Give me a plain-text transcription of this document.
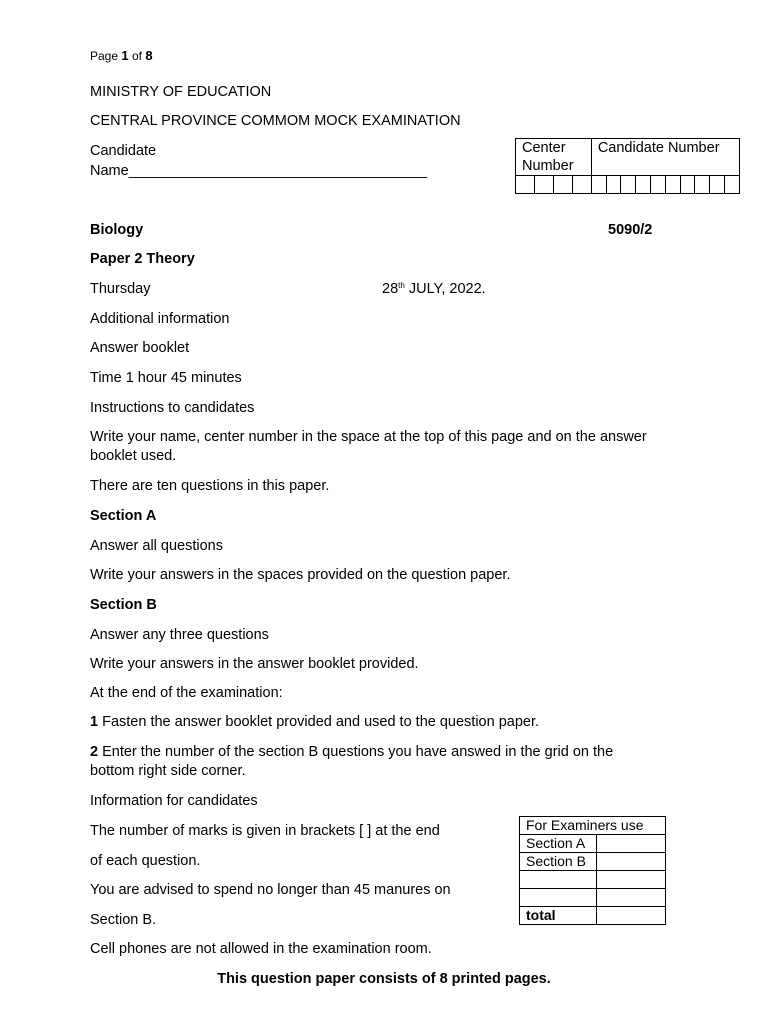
Page 1 of 8
MINISTRY OF EDUCATION
CENTRAL PROVINCE COMMOM MOCK EXAMINATION
Candidate
Name_____________________________________
Center
Number				Candidate Number									

Biology	5090/2
Paper 2 Theory
Thursday	28th JULY, 2022.
Additional information
Answer booklet
Time 1 hour 45 minutes
Instructions to candidates
Write your name, center number in the space at the top of this page and on the answer booklet used.
There are ten questions in this paper.
Section A
Answer all questions
Write your answers in the spaces provided on the question paper.
Section B
Answer any three questions
Write your answers in the answer booklet provided.
At the end of the examination:
1 Fasten the answer booklet provided and used to the question paper.
2 Enter the number of the section B questions you have answed in the grid on the bottom right side corner.
Information for candidates
The number of marks is given in brackets [ ] at the end
of each question.
You are advised to spend no longer than 45 manures on
Section B.
Cell phones are not allowed in the examination room.
For Examiners use	
Section A	
Section B	

total	
This question paper consists of 8 printed pages.
